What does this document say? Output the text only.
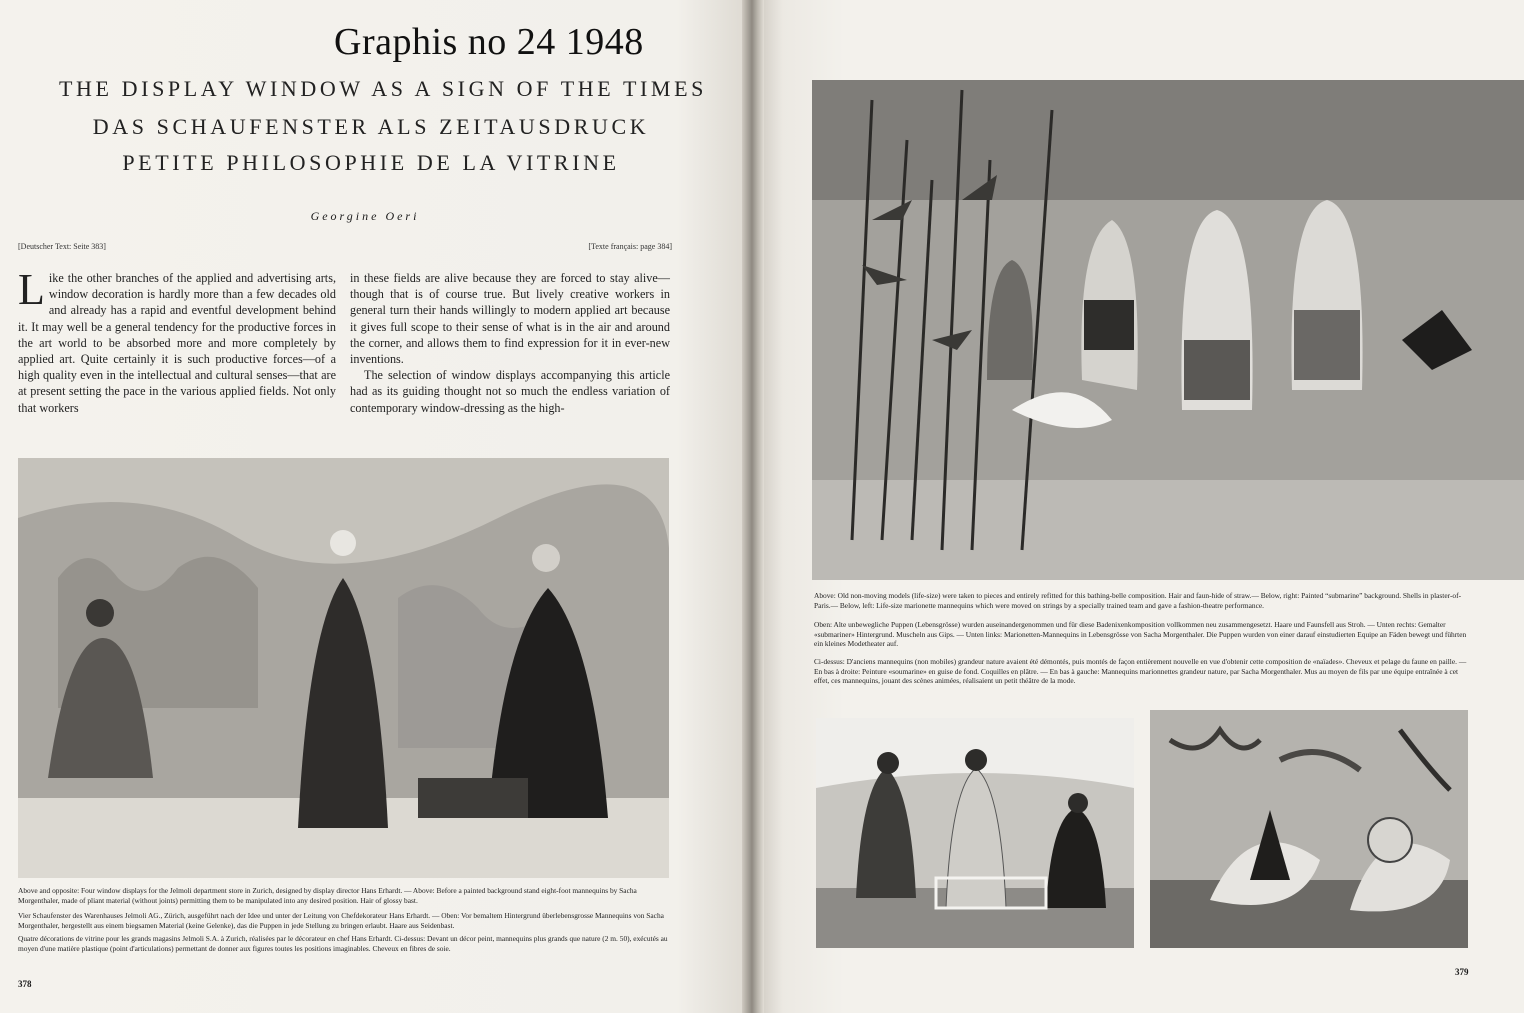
Graphis no 24 1948
THE DISPLAY WINDOW AS A SIGN OF THE TIMES
DAS SCHAUFENSTER ALS ZEITAUSDRUCK
PETITE PHILOSOPHIE DE LA VITRINE
Georgine Oeri
[Deutscher Text: Seite 383]	[Texte français: page 384]
Like the other branches of the applied and advertising arts, window decoration is hardly more than a few decades old and already has a rapid and eventful development behind it. It may well be a general tendency for the productive forces in the art world to be absorbed more and more completely by applied art. Quite certainly it is such productive forces—of a high quality even in the intellectual and cultural senses—that are at present setting the pace in the various applied fields. Not only that workers
in these fields are alive because they are forced to stay alive—though that is of course true. But lively creative workers in general turn their hands willingly to modern applied art because it gives full scope to their sense of what is in the air and around the corner, and allows them to find expression for it in ever-new inventions.
The selection of window displays accompanying this article had as its guiding thought not so much the endless variation of contemporary window-dressing as the high-
Above and opposite: Four window displays for the Jelmoli department store in Zurich, designed by display director Hans Erhardt. — Above: Before a painted background stand eight-foot mannequins by Sacha Morgenthaler, made of pliant material (without joints) permitting them to be manipulated into any desired position. Hair of glossy bast.
Vier Schaufenster des Warenhauses Jelmoli AG., Zürich, ausgeführt nach der Idee und unter der Leitung von Chefdekorateur Hans Erhardt. — Oben: Vor bemaltem Hintergrund überlebensgrosse Mannequins von Sacha Morgenthaler, hergestellt aus einem biegsamen Material (keine Gelenke), das die Puppen in jede Stellung zu bringen erlaubt. Haare aus Seidenbast.
Quatre décorations de vitrine pour les grands magasins Jelmoli S.A. à Zurich, réalisées par le décorateur en chef Hans Erhardt. Ci-dessus: Devant un décor peint, mannequins plus grands que nature (2 m. 50), exécutés au moyen d'une matière plastique (point d'articulations) permettant de donner aux figures toutes les positions imaginables. Cheveux en fibres de soie.
378
Above: Old non-moving models (life-size) were taken to pieces and entirely refitted for this bathing-belle composition. Hair and faun-hide of straw.— Below, right: Painted “submarine” background. Shells in plaster-of-Paris.— Below, left: Life-size marionette mannequins which were moved on strings by a specially trained team and gave a fashion-theatre performance.
Oben: Alte unbewegliche Puppen (Lebensgrösse) wurden auseinandergenommen und für diese Badenixenkomposition vollkommen neu zusammengesetzt. Haare und Faunsfell aus Stroh. — Unten rechts: Gemalter «submariner» Hintergrund. Muscheln aus Gips. — Unten links: Marionetten-Mannequins in Lebensgrösse von Sacha Morgenthaler. Die Puppen wurden von einer darauf einstudierten Equipe an Fäden bewegt und führten ein kleines Modetheater auf.
Ci-dessus: D'anciens mannequins (non mobiles) grandeur nature avaient été démontés, puis montés de façon entièrement nouvelle en vue d'obtenir cette composition de «naïades». Cheveux et pelage du faune en paille. — En bas à droite: Peinture «soumarine» en guise de fond. Coquilles en plâtre. — En bas à gauche: Mannequins marionnettes grandeur nature, par Sacha Morgenthaler. Mus au moyen de fils par une équipe entraînée à cet effet, ces mannequins, jouant des scènes animées, réalisaient un petit théâtre de la mode.
379
